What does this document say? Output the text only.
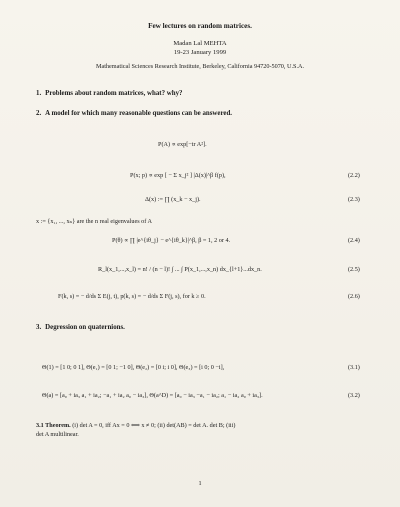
Few lectures on random matrices.
Madan Lal MEHTA
19-23 January 1999
Mathematical Sciences Research Institute, Berkeley, California 94720-5070, U.S.A.
1. Problems about random matrices, what? why?
2. A model for which many reasonable questions can be answered.
P(A) ∝ exp[−tr A²].
P(x; p) ∝ exp [ − Σ x_j² ] |Δ(x)|^β f(p),	(2.2)
Δ(x) := ∏ (x_k − x_j).	(2.3)
x := {x₁, ..., xₙ} are the n real eigenvalues of A
P(θ) ∝ ∏ |e^{iθ_j} − e^{iθ_k}|^β, β = 1, 2 or 4.	(2.4)
R_l(x_1,...,x_l) = n! / (n − l)! ∫ ... ∫ P(x_1,...,x_n) dx_{l+1}...dx_n.	(2.5)
F(k, s) = − d/ds Σ E(j, t), p(k, s) = − d/ds Σ F(j, s), for k ≥ 0.	(2.6)
3. Degression on quaternions.
Θ(1) = [1 0; 0 1], Θ(e₁) = [0 1; −1 0], Θ(e₂) = [0 i; i 0], Θ(e₃) = [i 0; 0 −i],	(3.1)
Θ(a) = [a₀ + ia₃ a₁ + ia₂; −a₁ + ia₂ a₀ − ia₃], Θ(a^D) = [a₀ − ia₃ −a₁ − ia₂; a₁ − ia₂ a₀ + ia₃].	(3.2)
3.1 Theorem. (i) det A = 0, iff Ax = 0 ⟺ x ≠ 0; (ii) det(AB) = det A. det B; (iii)
det A multilinear.
1
